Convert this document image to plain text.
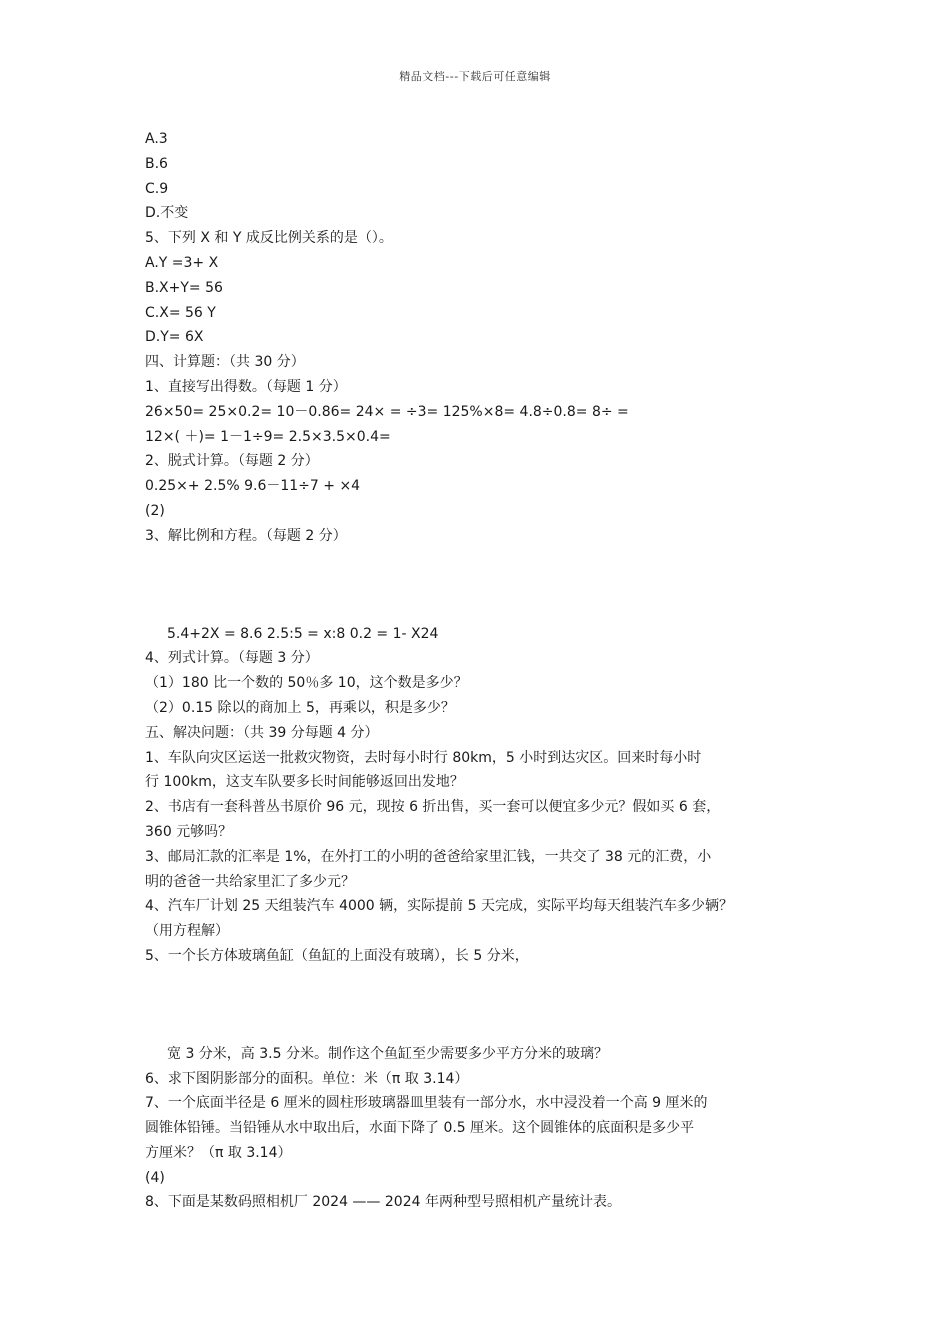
精品文档---下载后可任意编辑
A.3
B.6
C.9
D.不变
5、下列 X 和 Y 成反比例关系的是（）。
A.Y =3+ X
B.X+Y= 56
C.X= 56 Y
D.Y= 6X
四、计算题：（共 30 分）
1、直接写出得数。（每题 1 分）
26×50= 25×0.2= 10－0.86= 24× = ÷3= 125%×8= 4.8÷0.8= 8÷ =
12×( ＋)= 1－1÷9= 2.5×3.5×0.4=
2、脱式计算。（每题 2 分）
0.25×+ 2.5% 9.6－11÷7 + ×4
(2)
3、解比例和方程。（每题 2 分）
5.4+2X = 8.6 2.5:5 = x:8 0.2 = 1- X24
4、列式计算。（每题 3 分）
（1）180 比一个数的 50％多 10，这个数是多少？
（2）0.15 除以的商加上 5，再乘以，积是多少？
五、解决问题：（共 39 分每题 4 分）
1、车队向灾区运送一批救灾物资，去时每小时行 80km，5 小时到达灾区。回来时每小时
行 100km，这支车队要多长时间能够返回出发地？
2、书店有一套科普丛书原价 96 元，现按 6 折出售，买一套可以便宜多少元？假如买 6 套，
360 元够吗？
3、邮局汇款的汇率是 1%，在外打工的小明的爸爸给家里汇钱，一共交了 38 元的汇费，小
明的爸爸一共给家里汇了多少元？
4、汽车厂计划 25 天组装汽车 4000 辆，实际提前 5 天完成，实际平均每天组装汽车多少辆？
（用方程解）
5、一个长方体玻璃鱼缸（鱼缸的上面没有玻璃），长 5 分米，
宽 3 分米，高 3.5 分米。制作这个鱼缸至少需要多少平方分米的玻璃？
6、求下图阴影部分的面积。单位：米（π 取 3.14）
7、一个底面半径是 6 厘米的圆柱形玻璃器皿里装有一部分水，水中浸没着一个高 9 厘米的
圆锥体铅锤。当铅锤从水中取出后，水面下降了 0.5 厘米。这个圆锥体的底面积是多少平
方厘米？（π 取 3.14）
(4)
8、下面是某数码照相机厂 2024 —— 2024 年两种型号照相机产量统计表。
